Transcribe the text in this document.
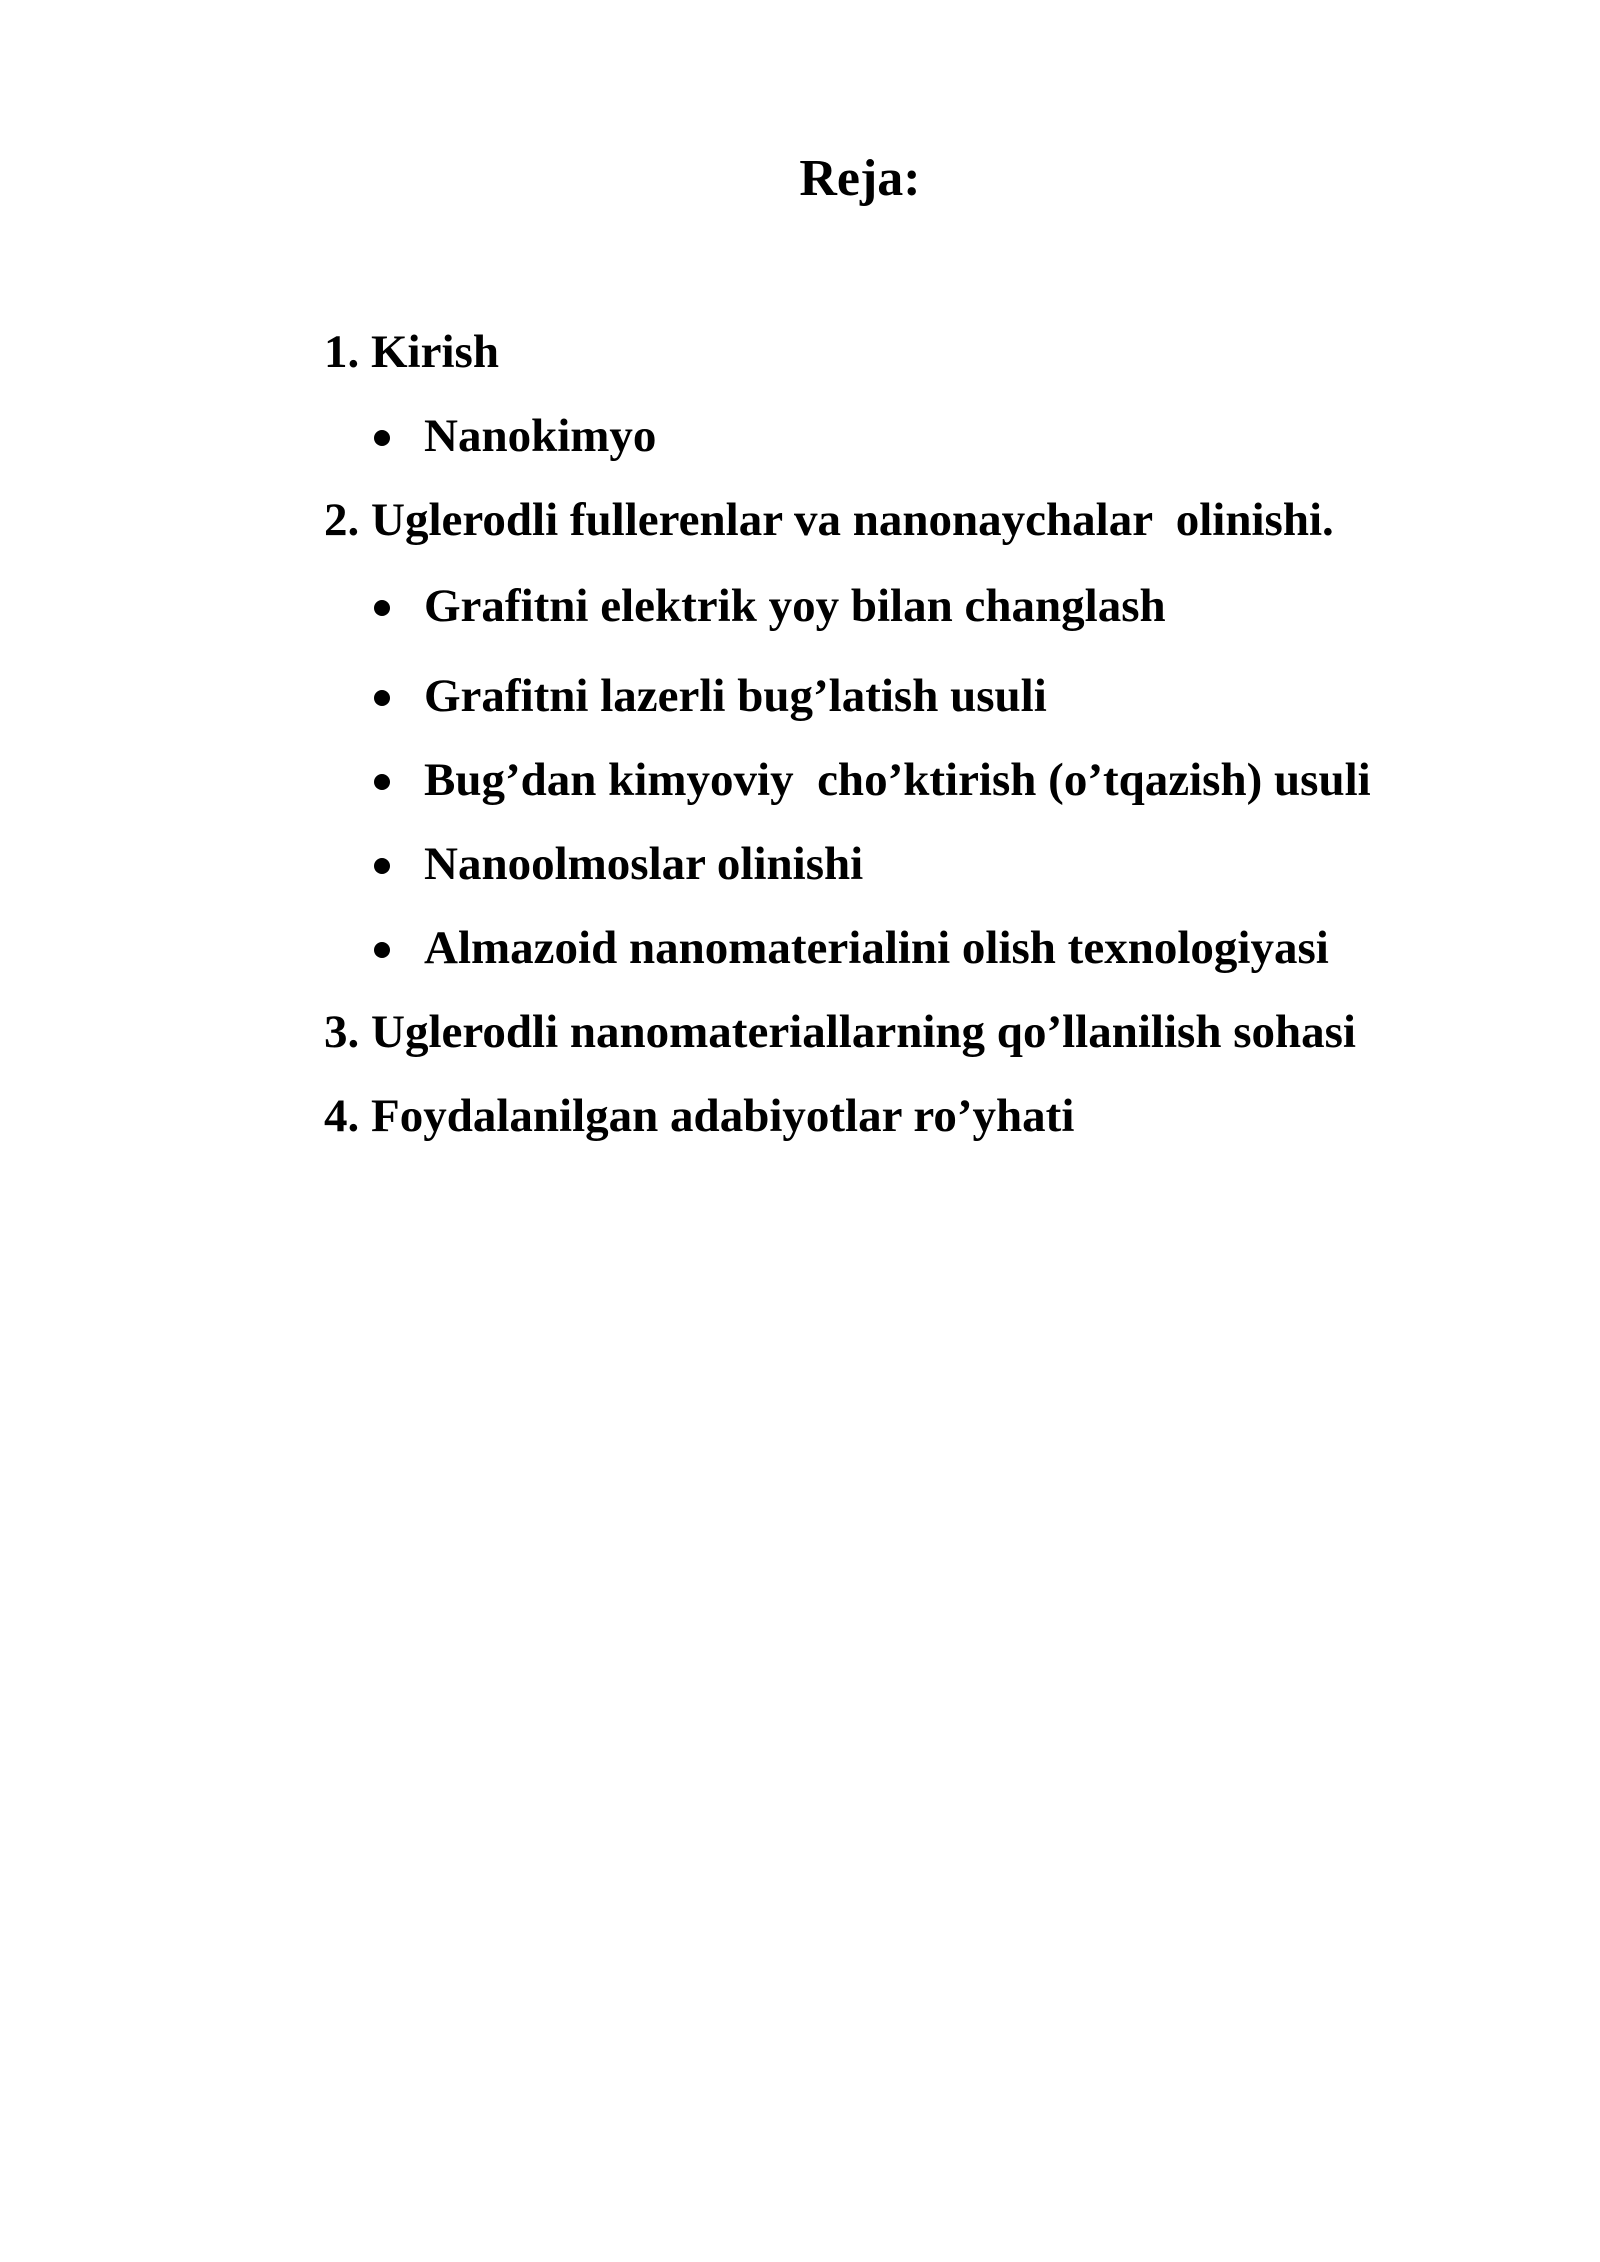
Reja:

1. Kirish

Nanokimyo

2. Uglerodli fullerenlar va nanonaychalar  olinishi.

Grafitni elektrik yoy bilan changlash

Grafitni lazerli bug’latish usuli

Bug’dan kimyoviy  cho’ktirish (o’tqazish) usuli

Nanoolmoslar olinishi

Almazoid nanomaterialini olish texnologiyasi

3. Uglerodli nanomateriallarning qo’llanilish sohasi

4. Foydalanilgan adabiyotlar ro’yhati
